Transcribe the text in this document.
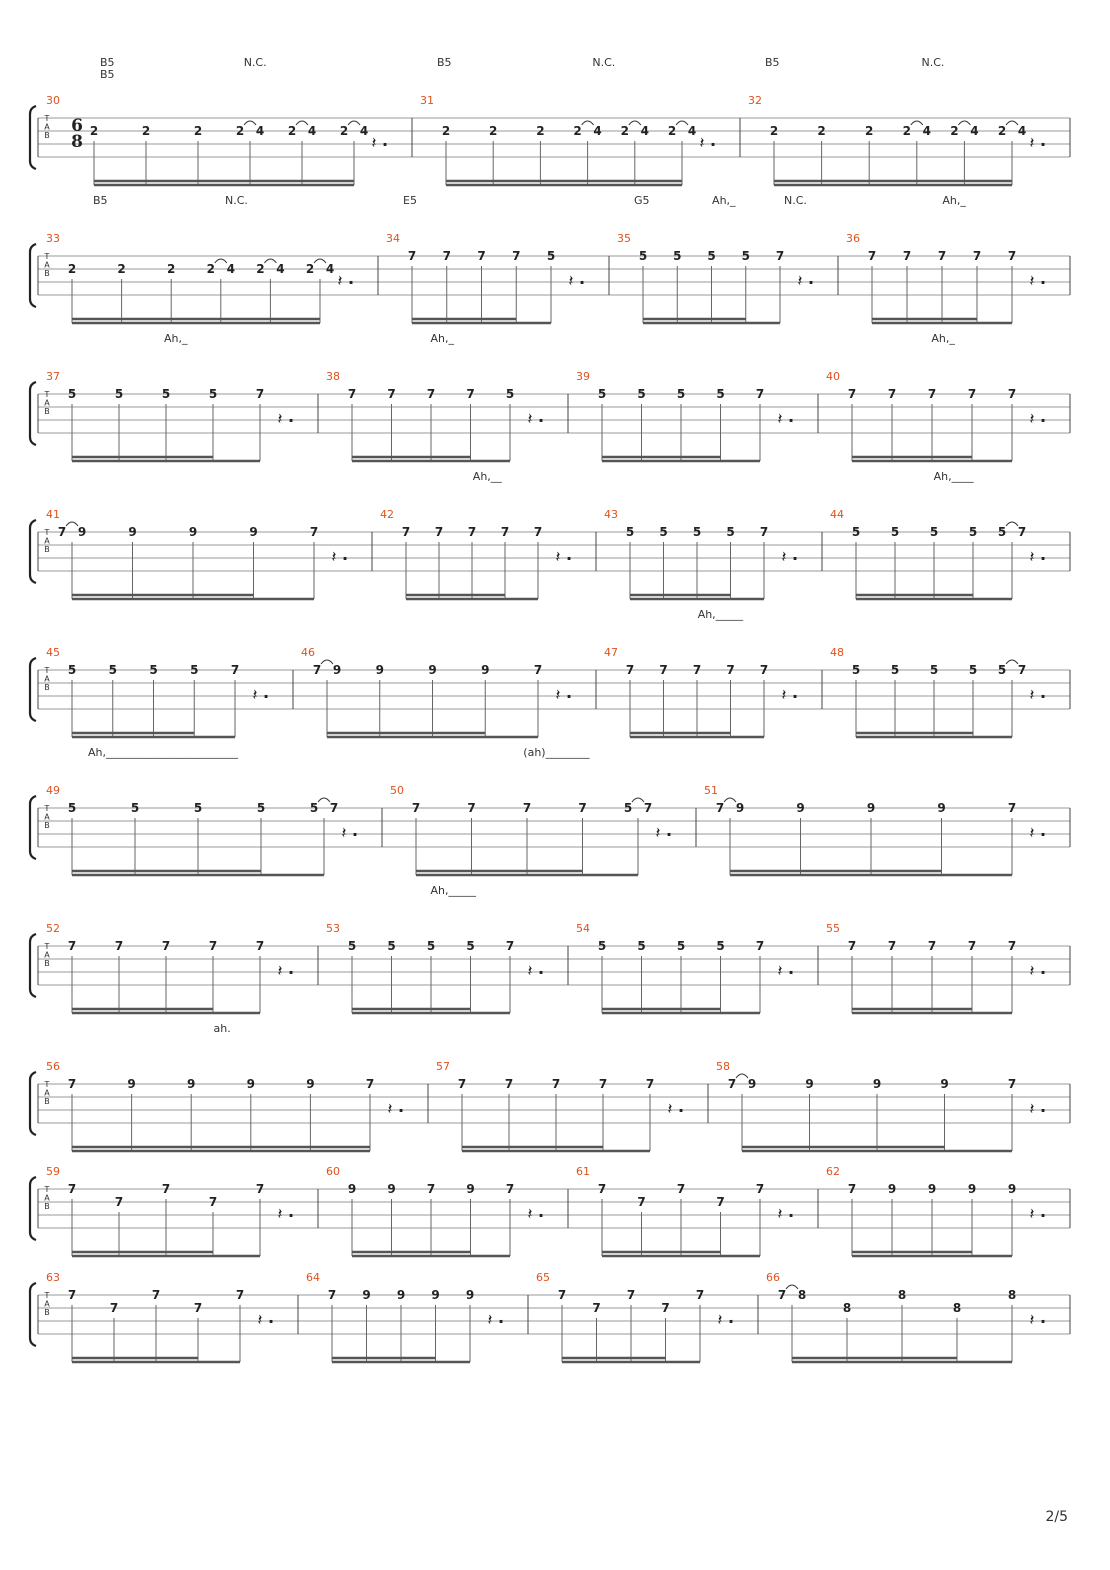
T
A
B 6
8
30
2	2	2	2 4 2 4 2 4
𝄽 .
31
2	2	2 2 4 2 4 2 4
𝄽 .
32
2	2	2 2 4 2 4 2 4
𝄽 .
B5
B5
N.C.	B5	N.C.	B5	N.C.
T
A
B
33
2	2	2	2 4 2 4 2 4
𝄽 .
34
7 7 7 7 5
𝄽 .
35
5 5 5 5 7
𝄽 .
36
7 7 7 7 7
𝄽 .
B5	N.C.	E5	G5	N.C.
Ah,_	Ah,_
T
A
B
37
5	5	5	5	7
𝄽 .
38
7	7	7	7	5
𝄽 .
39
5	5	5	5	7
𝄽 .
40
7	7	7	7	7
𝄽 .
Ah,_	Ah,_	Ah,_
T
A
B
41
7 9	9	9	9	7
𝄽 .
42
7 7 7 7 7
𝄽 .
43
5 5 5 5 7
𝄽 .
44
5	5	5	5 5 7
𝄽 .
Ah,__	Ah,____
T
A
B
45
5	5	5	5	7
𝄽 .
46
7 9	9	9	9	7
𝄽 .
47
7 7 7 7 7
𝄽 .
48
5	5	5	5 5 7
𝄽 .
Ah,_____
T
A
B
49
5	5	5	5	5 7
𝄽 .
50
7	7	7	7	5 7
𝄽 .
51
7 9	9	9	9	7
𝄽 .
Ah,________________________	(ah)________
T
A
B
52
7	7	7	7	7
𝄽 .
53
5	5	5	5	7
𝄽 .
54
5	5	5	5	7
𝄽 .
55
7	7	7	7	7
𝄽 .
Ah,_____
T
A
B
56
7	9	9	9	9	7
𝄽 .
57
7	7	7	7	7
𝄽 .
58
7 9	9	9	9	7
𝄽 .
ah.
T
A
B
59
7
7
7
7
7
𝄽 .
60
9	9	7	9	7
𝄽 .
61
7
7
7
7
7
𝄽 .
62
7	9	9	9	9
𝄽 .
T
A
B
63
7
7
7
7
7
𝄽 .
64
7 9 9 9 9
𝄽 .
65
7
7
7
7
7
𝄽 .
66
7 8
8
8
8
8
𝄽 .
2/5
